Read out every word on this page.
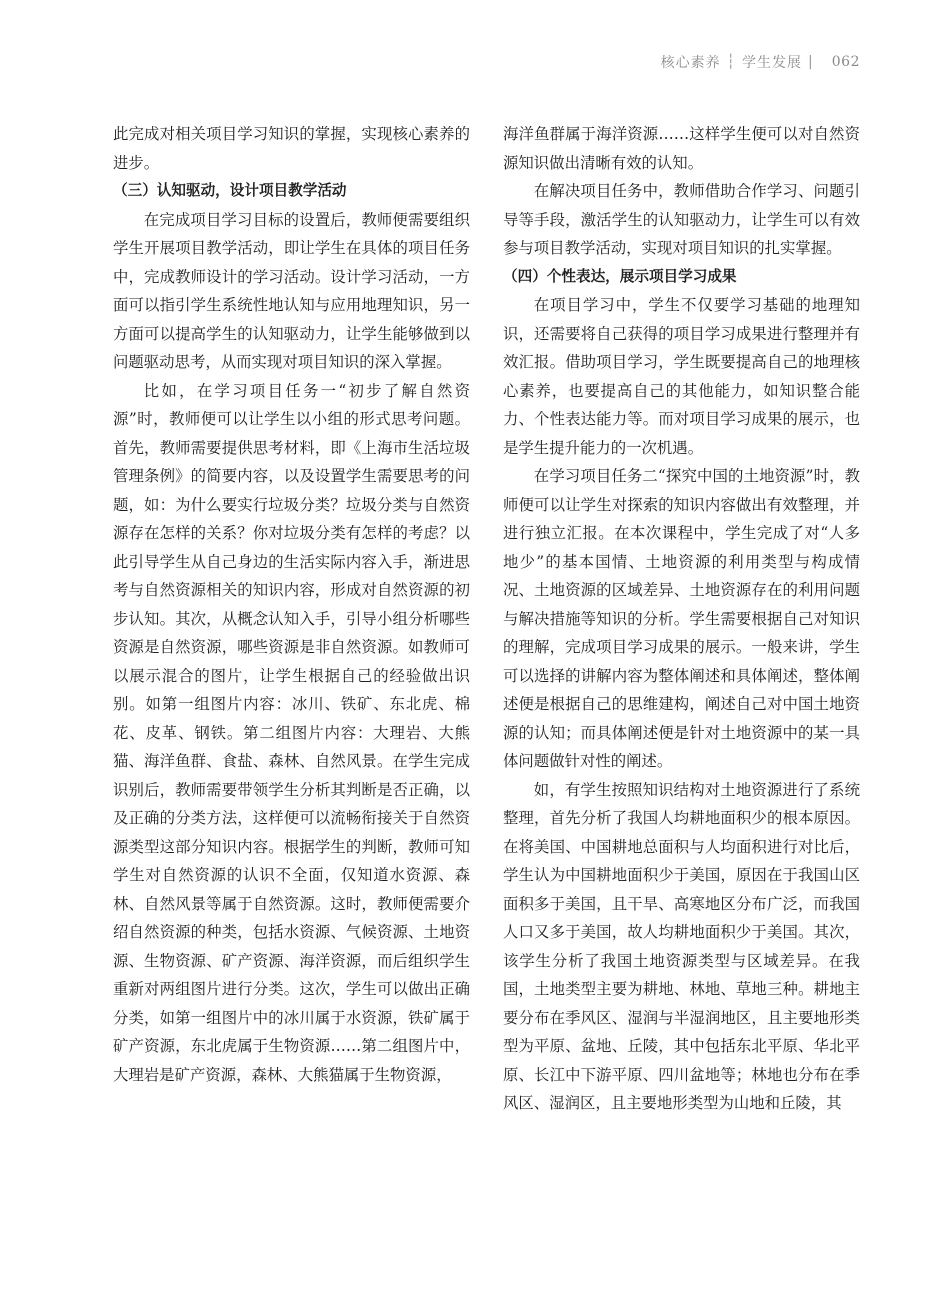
核心素养 ┆ 学生发展 | 062

此完成对相关项目学习知识的掌握，实现核心素养的进步。

（三）认知驱动，设计项目教学活动

在完成项目学习目标的设置后，教师便需要组织学生开展项目教学活动，即让学生在具体的项目任务中，完成教师设计的学习活动。设计学习活动，一方面可以指引学生系统性地认知与应用地理知识，另一方面可以提高学生的认知驱动力，让学生能够做到以问题驱动思考，从而实现对项目知识的深入掌握。

比如，在学习项目任务一“初步了解自然资源”时，教师便可以让学生以小组的形式思考问题。首先，教师需要提供思考材料，即《上海市生活垃圾管理条例》的简要内容，以及设置学生需要思考的问题，如：为什么要实行垃圾分类？垃圾分类与自然资源存在怎样的关系？你对垃圾分类有怎样的考虑？以此引导学生从自己身边的生活实际内容入手，渐进思考与自然资源相关的知识内容，形成对自然资源的初步认知。其次，从概念认知入手，引导小组分析哪些资源是自然资源，哪些资源是非自然资源。如教师可以展示混合的图片，让学生根据自己的经验做出识别。如第一组图片内容：冰川、铁矿、东北虎、棉花、皮革、钢铁。第二组图片内容：大理岩、大熊猫、海洋鱼群、食盐、森林、自然风景。在学生完成识别后，教师需要带领学生分析其判断是否正确，以及正确的分类方法，这样便可以流畅衔接关于自然资源类型这部分知识内容。根据学生的判断，教师可知学生对自然资源的认识不全面，仅知道水资源、森林、自然风景等属于自然资源。这时，教师便需要介绍自然资源的种类，包括水资源、气候资源、土地资源、生物资源、矿产资源、海洋资源，而后组织学生重新对两组图片进行分类。这次，学生可以做出正确分类，如第一组图片中的冰川属于水资源，铁矿属于矿产资源，东北虎属于生物资源……第二组图片中，大理岩是矿产资源，森林、大熊猫属于生物资源，

海洋鱼群属于海洋资源……这样学生便可以对自然资源知识做出清晰有效的认知。

在解决项目任务中，教师借助合作学习、问题引导等手段，激活学生的认知驱动力，让学生可以有效参与项目教学活动，实现对项目知识的扎实掌握。

（四）个性表达，展示项目学习成果

在项目学习中，学生不仅要学习基础的地理知识，还需要将自己获得的项目学习成果进行整理并有效汇报。借助项目学习，学生既要提高自己的地理核心素养，也要提高自己的其他能力，如知识整合能力、个性表达能力等。而对项目学习成果的展示，也是学生提升能力的一次机遇。

在学习项目任务二“探究中国的土地资源”时，教师便可以让学生对探索的知识内容做出有效整理，并进行独立汇报。在本次课程中，学生完成了对“人多地少”的基本国情、土地资源的利用类型与构成情况、土地资源的区域差异、土地资源存在的利用问题与解决措施等知识的分析。学生需要根据自己对知识的理解，完成项目学习成果的展示。一般来讲，学生可以选择的讲解内容为整体阐述和具体阐述，整体阐述便是根据自己的思维建构，阐述自己对中国土地资源的认知；而具体阐述便是针对土地资源中的某一具体问题做针对性的阐述。

如，有学生按照知识结构对土地资源进行了系统整理，首先分析了我国人均耕地面积少的根本原因。在将美国、中国耕地总面积与人均面积进行对比后，学生认为中国耕地面积少于美国，原因在于我国山区面积多于美国，且干旱、高寒地区分布广泛，而我国人口又多于美国，故人均耕地面积少于美国。其次，该学生分析了我国土地资源类型与区域差异。在我国，土地类型主要为耕地、林地、草地三种。耕地主要分布在季风区、湿润与半湿润地区，且主要地形类型为平原、盆地、丘陵，其中包括东北平原、华北平原、长江中下游平原、四川盆地等；林地也分布在季风区、湿润区，且主要地形类型为山地和丘陵，其
